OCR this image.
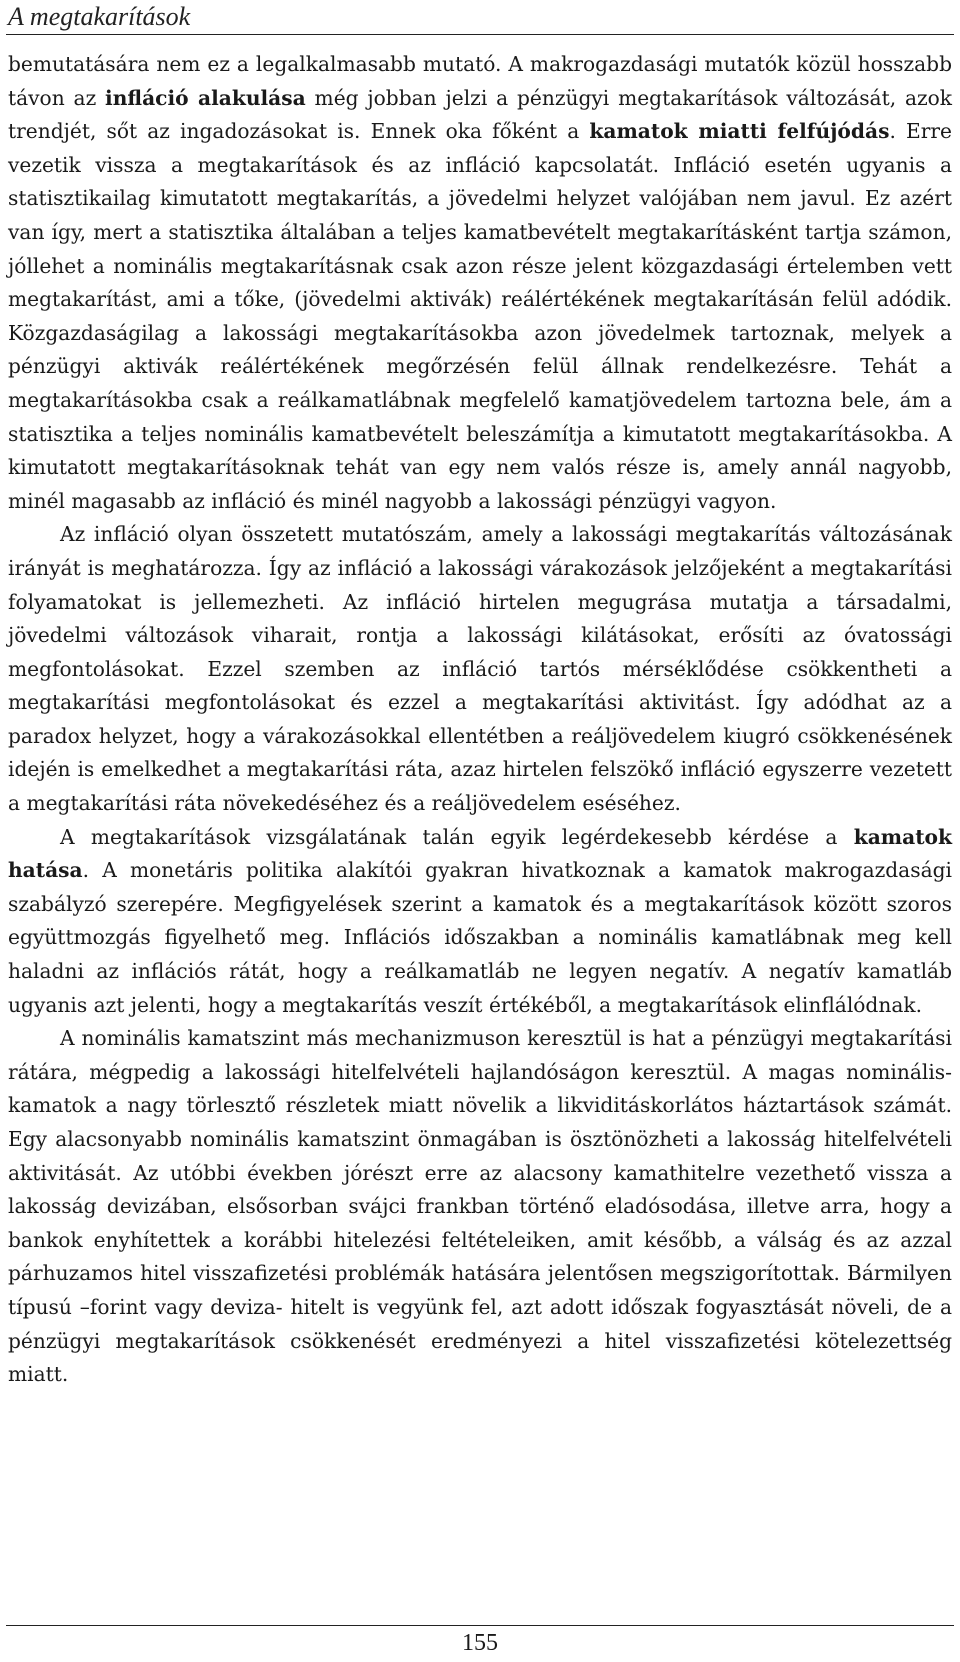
A megtakarítások

bemutatására nem ez a legalkalmasabb mutató. A makrogazdasági mutatók közül hosszabb távon az infláció alakulása még jobban jelzi a pénzügyi megtakarítások változását, azok trendjét, sőt az ingadozásokat is. Ennek oka főként a kamatok miatti felfújódás. Erre vezetik vissza a megtakarítások és az infláció kapcsolatát. Infláció esetén ugyanis a statisztikailag kimutatott megtakarítás, a jövedelmi helyzet valójában nem javul. Ez azért van így, mert a statisztika általában a teljes kamatbevételt megtakarításként tartja számon, jóllehet a nominális megtakarításnak csak azon része jelent közgazdasági értelemben vett megtakarítást, ami a tőke, (jövedelmi aktivák) reálértékének megtakarításán felül adódik. Közgazdaságilag a lakossági megtakarításokba azon jövedelmek tartoznak, melyek a pénzügyi aktivák reálértékének megőrzésén felül állnak rendelkezésre. Tehát a megtakarításokba csak a reálkamatlábnak megfelelő kamatjövedelem tartozna bele, ám a statisztika a teljes nominális kamatbevételt beleszámítja a kimutatott megtakarításokba. A kimutatott megtakarításoknak tehát van egy nem valós része is, amely annál nagyobb, minél magasabb az infláció és minél nagyobb a lakossági pénzügyi vagyon.

Az infláció olyan összetett mutatószám, amely a lakossági megtakarítás változásának irányát is meghatározza. Így az infláció a lakossági várakozások jelzőjeként a megtakarítási folyamatokat is jellemezheti. Az infláció hirtelen megugrása mutatja a társadalmi, jövedelmi változások viharait, rontja a lakossági kilátásokat, erősíti az óvatossági megfontolásokat. Ezzel szemben az infláció tartós mérséklődése csökkentheti a megtakarítási megfontolásokat és ezzel a megtakarítási aktivitást. Így adódhat az a paradox helyzet, hogy a várakozásokkal ellentétben a reáljövedelem kiugró csökkenésének idején is emelkedhet a megtakarítási ráta, azaz hirtelen felszökő infláció egyszerre vezetett a megtakarítási ráta növekedéséhez és a reáljövedelem eséséhez.

A megtakarítások vizsgálatának talán egyik legérdekesebb kérdése a kamatok hatása. A monetáris politika alakítói gyakran hivatkoznak a kamatok makrogazdasági szabályzó szerepére. Megfigyelések szerint a kamatok és a megtakarítások között szoros együttmozgás figyelhető meg. Inflációs időszakban a nominális kamatlábnak meg kell haladni az inflációs rátát, hogy a reálkamatláb ne legyen negatív. A negatív kamatláb ugyanis azt jelenti, hogy a megtakarítás veszít értékéből, a megtakarítások elinflálódnak.

A nominális kamatszint más mechanizmuson keresztül is hat a pénzügyi megtakarítási rátára, mégpedig a lakossági hitelfelvételi hajlandóságon keresztül. A magas nomináliskamatok a nagy törlesztő részletek miatt növelik a likviditáskorlátos háztartások számát. Egy alacsonyabb nominális kamatszint önmagában is ösztönözheti a lakosság hitelfelvételi aktivitását. Az utóbbi években jórészt erre az alacsony kamathitelre vezethető vissza a lakosság devizában, elsősorban svájci frankban történő eladósodása, illetve arra, hogy a bankok enyhítettek a korábbi hitelezési feltételeiken, amit később, a válság és az azzal párhuzamos hitel visszafizetési problémák hatására jelentősen megszigorítottak. Bármilyen típusú –forint vagy deviza- hitelt is vegyünk fel, azt adott időszak fogyasztását növeli, de a pénzügyi megtakarítások csökkenését eredményezi a hitel visszafizetési kötelezettség miatt.

155
